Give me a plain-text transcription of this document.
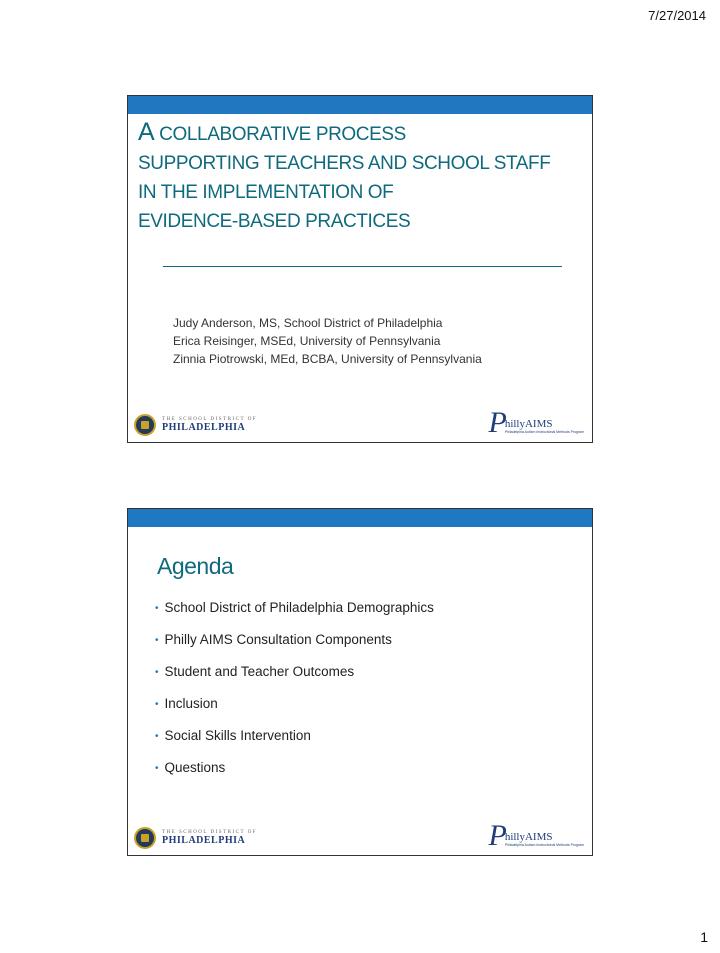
7/27/2014
A COLLABORATIVE PROCESS
SUPPORTING TEACHERS AND SCHOOL STAFF
IN THE IMPLEMENTATION OF
EVIDENCE-BASED PRACTICES
Judy Anderson, MS, School District of Philadelphia
Erica Reisinger, MSEd, University of Pennsylvania
Zinnia Piotrowski, MEd, BCBA, University of Pennsylvania
THE SCHOOL DISTRICT OF
PHILADELPHIA	P
hillyAIMS
Philadelphia Autism Instructional Methods Program
Agenda
• School District of Philadelphia Demographics
• Philly AIMS Consultation Components
• Student and Teacher Outcomes
• Inclusion
• Social Skills Intervention
• Questions
THE SCHOOL DISTRICT OF
PHILADELPHIA	P
hillyAIMS
Philadelphia Autism Instructional Methods Program
1
